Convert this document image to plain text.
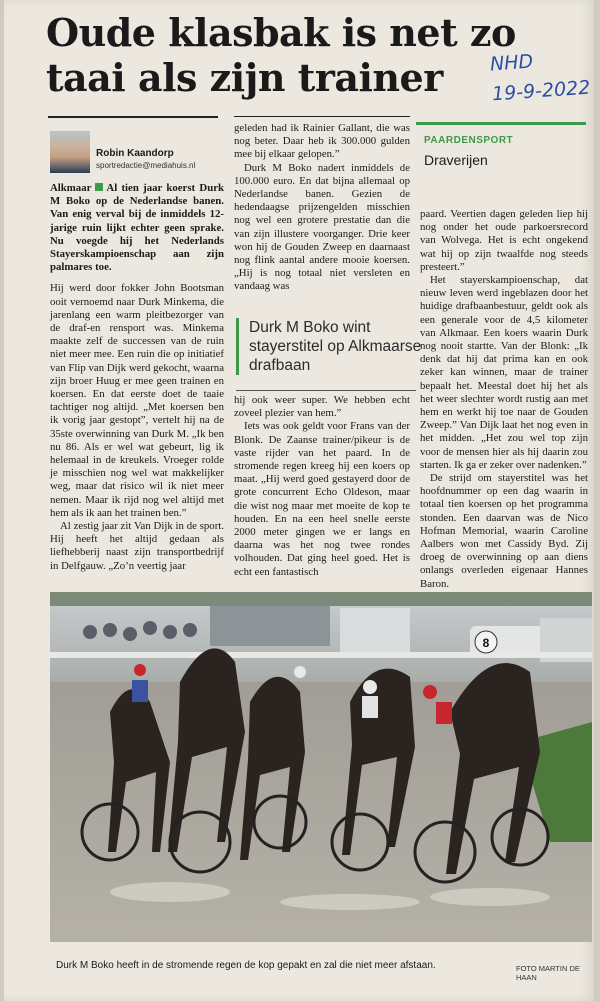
Oude klasbak is net zo taai als zijn trainer	NHD
19-9-2022
Robin Kaandorp
sportredactie@mediahuis.nl
PAARDENSPORT
Draverijen

Alkmaar Al tien jaar koerst Durk M Boko op de Nederlandse banen. Van enig verval bij de inmiddels 12-jarige ruin lijkt echter geen sprake. Nu voegde hij het Nederlands Stayerskampioenschap aan zijn palmares toe.

Hij werd door fokker John Bootsman ooit vernoemd naar Durk Minkema, die jarenlang een warm pleitbezorger van de draf-en rensport was. Minkema maakte zelf de successen van de ruin niet meer mee. Een ruin die op initiatief van Flip van Dijk werd gekocht, waarna zijn broer Huug er mee geen trainen en koersen. En dat eerste doet de taaie tachtiger nog altijd. „Met koersen ben ik vorig jaar gestopt”, vertelt hij na de 35ste overwinning van Durk M. „Ik ben nu 86. Als er wel wat gebeurt, lig ik helemaal in de kreukels. Vroeger rolde je misschien nog wel wat makkelijker weg, maar dat risico wil ik niet meer nemen. Maar ik rijd nog wel altijd met hem als ik aan het trainen ben.”

Al zestig jaar zit Van Dijk in de sport. Hij heeft het altijd gedaan als liefhebberij naast zijn transportbedrijf in Delfgauw. „Zo’n veertig jaar

geleden had ik Rainier Gallant, die was nog beter. Daar heb ik 300.000 gulden mee bij elkaar gelopen.”

Durk M Boko nadert inmiddels de 100.000 euro. En dat bijna allemaal op Nederlandse banen. Gezien de hedendaagse prijzengelden misschien nog wel een grotere prestatie dan die van zijn illustere voorganger. Drie keer won hij de Gouden Zweep en daarnaast nog flink aantal andere mooie koersen. „Hij is nog totaal niet versleten en vandaag was

Durk M Boko wint stayerstitel op Alkmaarse drafbaan

hij ook weer super. We hebben echt zoveel plezier van hem.”

Iets was ook geldt voor Frans van der Blonk. De Zaanse trainer/pikeur is de vaste rijder van het paard. In de stromende regen kreeg hij een koers op maat. „Hij werd goed gestayerd door de grote concurrent Echo Oldeson, maar die wist nog maar met moeite de kop te houden. En na een heel snelle eerste 2000 meter gingen we er langs en daarna was het nog twee rondes volhouden. Dat ging heel goed. Het is echt een fantastisch

paard. Veertien dagen geleden liep hij nog onder het oude parkoersrecord van Wolvega. Het is echt ongekend wat hij op zijn twaalfde nog steeds presteert.”

Het stayerskampioenschap, dat nieuw leven werd ingeblazen door het huidige drafbaanbestuur, geldt ook als een generale voor de 4,5 kilometer van Alkmaar. Een koers waarin Durk nog nooit startte. Van der Blonk: „Ik denk dat hij dat prima kan en ook zeker kan winnen, maar de trainer bepaalt het. Meestal doet hij het als het weer slechter wordt rustig aan met hem en werkt hij toe naar de Gouden Zweep.” Van Dijk laat het nog even in het midden. „Het zou wel top zijn voor de mensen hier als hij daarin zou starten. Ik ga er zeker over nadenken.”

De strijd om stayerstitel was het hoofdnummer op een dag waarin in totaal tien koersen op het programma stonden. Een daarvan was de Nico Hofman Memorial, waarin Caroline Aalbers won met Cassidy Byd. Zij droeg de overwinning op aan diens onlangs overleden eigenaar Hannes Baron.

8
Durk M Boko heeft in de stromende regen de kop gepakt en zal die niet meer afstaan.	FOTO MARTIN DE HAAN
